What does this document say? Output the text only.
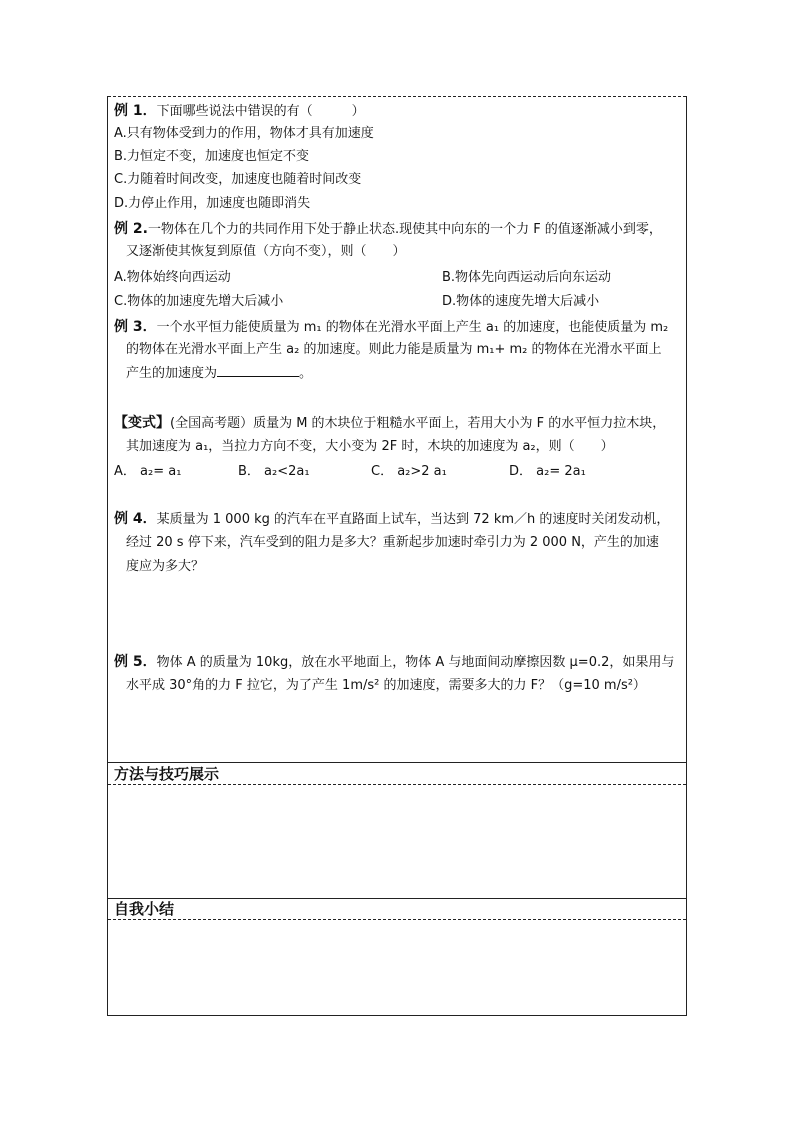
例 1．下面哪些说法中错误的有（　　　）
A.只有物体受到力的作用，物体才具有加速度
B.力恒定不变，加速度也恒定不变
C.力随着时间改变，加速度也随着时间改变
D.力停止作用，加速度也随即消失
例 2.一物体在几个力的共同作用下处于静止状态.现使其中向东的一个力 F 的值逐渐减小到零，
又逐渐使其恢复到原值（方向不变），则（　　）
A.物体始终向西运动	B.物体先向西运动后向东运动
C.物体的加速度先增大后减小	D.物体的速度先增大后减小
例 3．一个水平恒力能使质量为 m₁ 的物体在光滑水平面上产生 a₁ 的加速度，也能使质量为 m₂
的物体在光滑水平面上产生 a₂ 的加速度。则此力能是质量为 m₁+ m₂ 的物体在光滑水平面上
产生的加速度为	。
【变式】(全国高考题）质量为 M 的木块位于粗糙水平面上，若用大小为 F 的水平恒力拉木块，
其加速度为 a₁，当拉力方向不变，大小变为 2F 时，木块的加速度为 a₂，则（　　）
A． a₂= a₁	B． a₂<2a₁	C． a₂>2 a₁	D． a₂= 2a₁
例 4．某质量为 1 000 kg 的汽车在平直路面上试车，当达到 72 km／h 的速度时关闭发动机，
经过 20 s 停下来，汽车受到的阻力是多大？重新起步加速时牵引力为 2 000 N，产生的加速
度应为多大？
例 5．物体 A 的质量为 10kg，放在水平地面上，物体 A 与地面间动摩擦因数 μ=0.2，如果用与
水平成 30°角的力 F 拉它，为了产生 1m/s² 的加速度，需要多大的力 F？（g=10 m/s²）
方法与技巧展示
自我小结
